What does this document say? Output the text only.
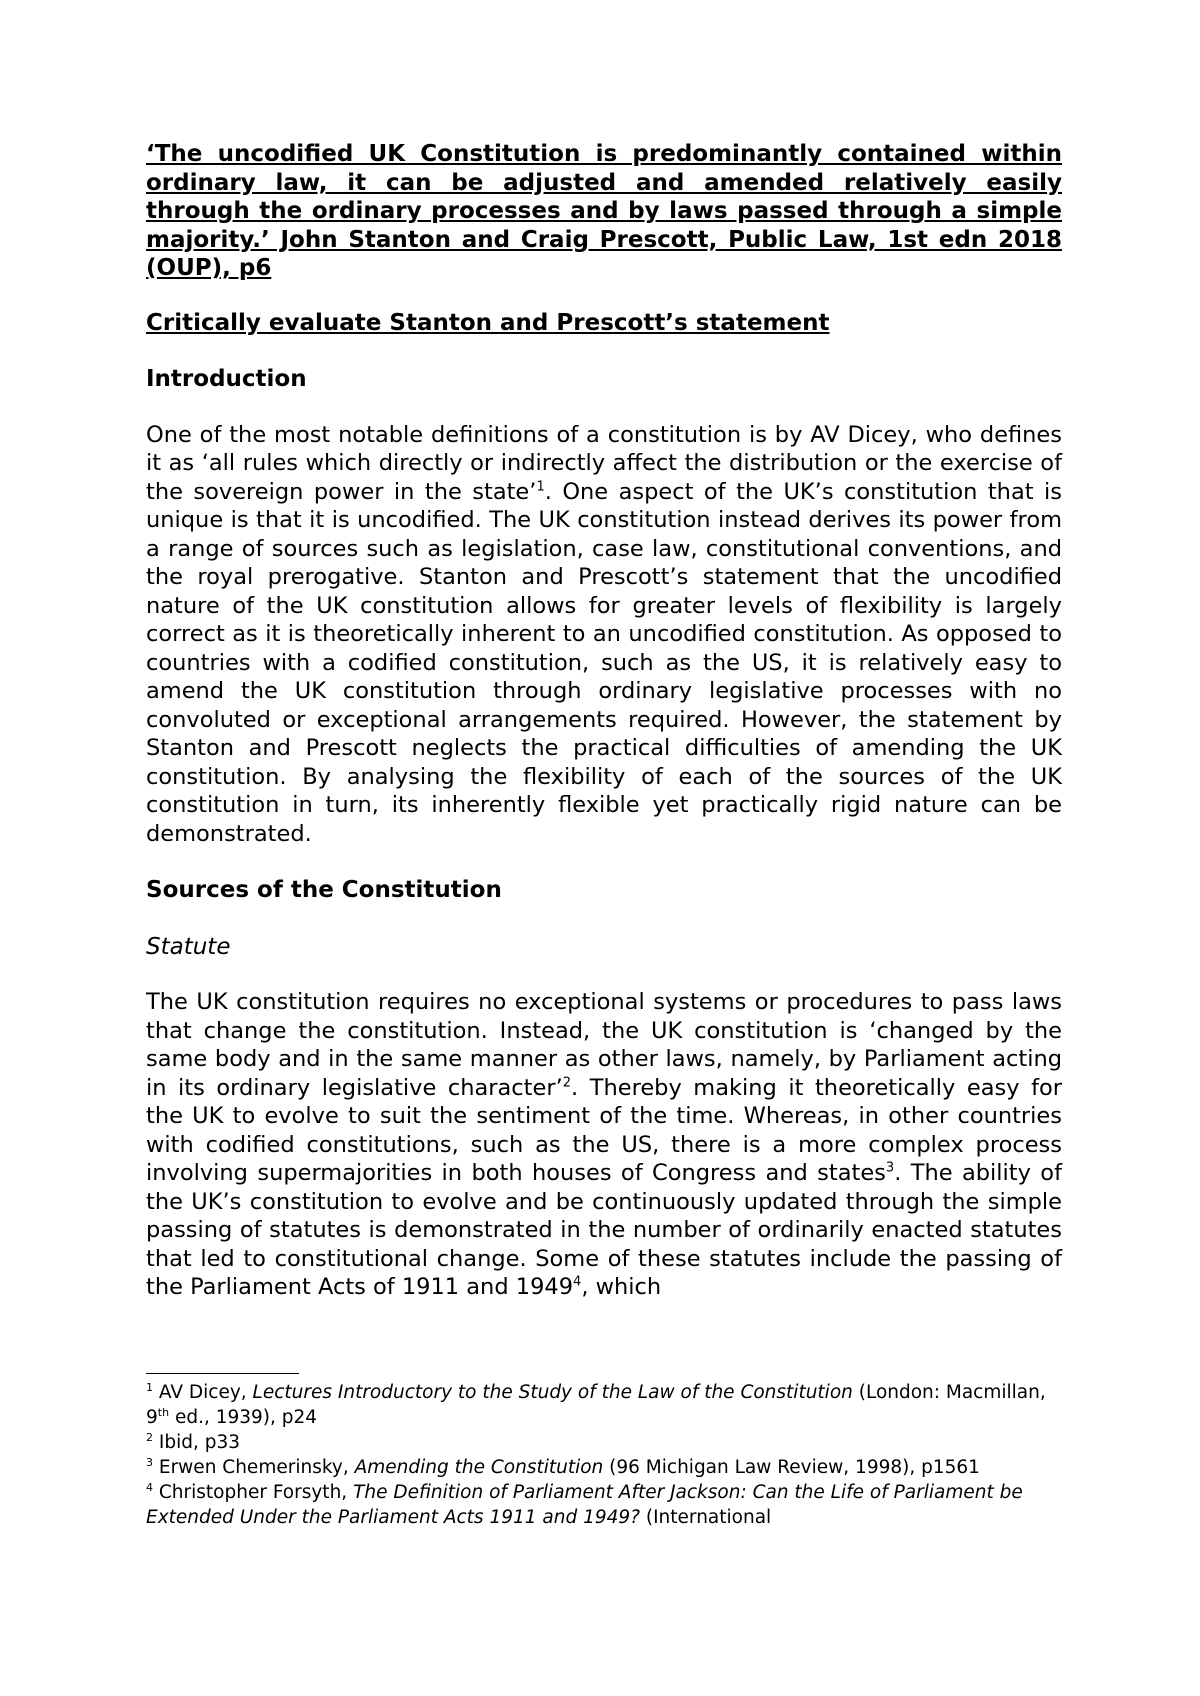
‘The uncodified UK Constitution is predominantly contained within ordinary law, it can be adjusted and amended relatively easily through the ordinary processes and by laws passed through a simple majority.’ John Stanton and Craig Prescott, Public Law, 1st edn 2018 (OUP), p6

Critically evaluate Stanton and Prescott’s statement

Introduction

One of the most notable definitions of a constitution is by AV Dicey, who defines it as ‘all rules which directly or indirectly affect the distribution or the exercise of the sovereign power in the state’$^1$. One aspect of the UK’s constitution that is unique is that it is uncodified. The UK constitution instead derives its power from a range of sources such as legislation, case law, constitutional conventions, and the royal prerogative. Stanton and Prescott’s statement that the uncodified nature of the UK constitution allows for greater levels of flexibility is largely correct as it is theoretically inherent to an uncodified constitution. As opposed to countries with a codified constitution, such as the US, it is relatively easy to amend the UK constitution through ordinary legislative processes with no convoluted or exceptional arrangements required. However, the statement by Stanton and Prescott neglects the practical difficulties of amending the UK constitution. By analysing the flexibility of each of the sources of the UK constitution in turn, its inherently flexible yet practically rigid nature can be demonstrated.

Sources of the Constitution

Statute

The UK constitution requires no exceptional systems or procedures to pass laws that change the constitution. Instead, the UK constitution is ‘changed by the same body and in the same manner as other laws, namely, by Parliament acting in its ordinary legislative character’$^2$. Thereby making it theoretically easy for the UK to evolve to suit the sentiment of the time. Whereas, in other countries with codified constitutions, such as the US, there is a more complex process involving supermajorities in both houses of Congress and states$^3$. The ability of the UK’s constitution to evolve and be continuously updated through the simple passing of statutes is demonstrated in the number of ordinarily enacted statutes that led to constitutional change. Some of these statutes include the passing of the Parliament Acts of 1911 and 1949$^4$, which

$^1$ AV Dicey, Lectures Introductory to the Study of the Law of the Constitution (London: Macmillan, 9th ed., 1939), p24

$^2$ Ibid, p33

$^3$ Erwen Chemerinsky, Amending the Constitution (96 Michigan Law Review, 1998), p1561

$^4$ Christopher Forsyth, The Definition of Parliament After Jackson: Can the Life of Parliament be Extended Under the Parliament Acts 1911 and 1949? (International
